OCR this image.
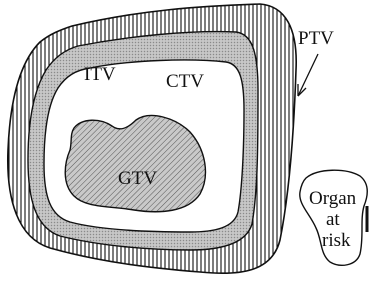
PTV
ITV	CTV
GTV
Organ
at
risk
